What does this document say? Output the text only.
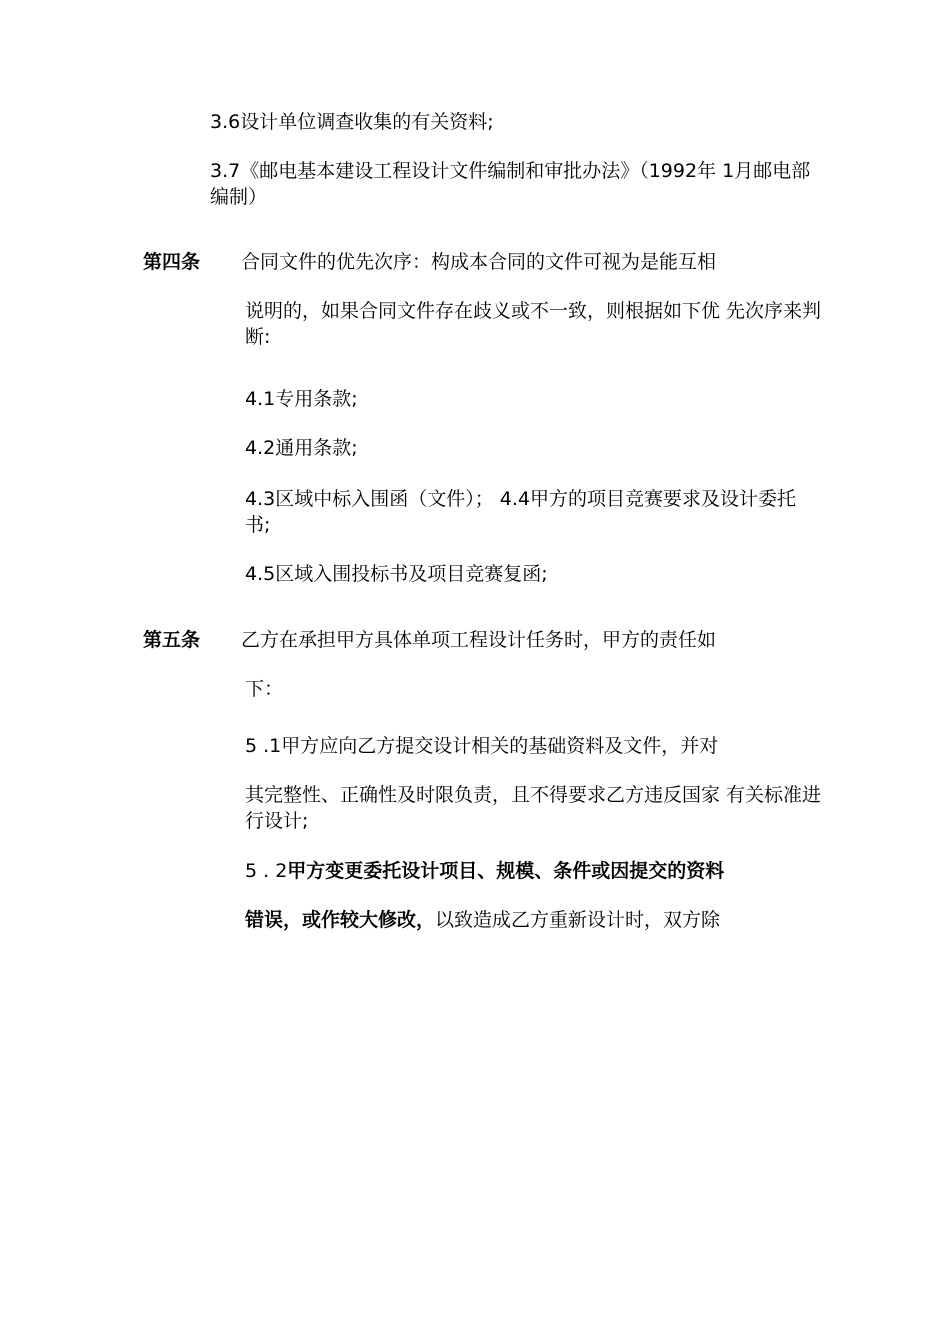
3.6设计单位调查收集的有关资料;
3.7《邮电基本建设工程设计文件编制和审批办法》（1992年 1月邮电部编制）
第四条 合同文件的优先次序：构成本合同的文件可视为是能互相
说明的，如果合同文件存在歧义或不一致，则根据如下优 先次序来判断:
4.1专用条款;
4.2通用条款;
4.3区域中标入围函（文件）； 4.4甲方的项目竞赛要求及设计委托书;
4.5区域入围投标书及项目竞赛复函;
第五条 乙方在承担甲方具体单项工程设计任务时，甲方的责任如
下：
5 .1甲方应向乙方提交设计相关的基础资料及文件，并对
其完整性、正确性及时限负责，且不得要求乙方违反国家 有关标准进行设计;
5 . 2甲方变更委托设计项目、规模、条件或因提交的资料
错误，或作较大修改，以致造成乙方重新设计时，双方除
